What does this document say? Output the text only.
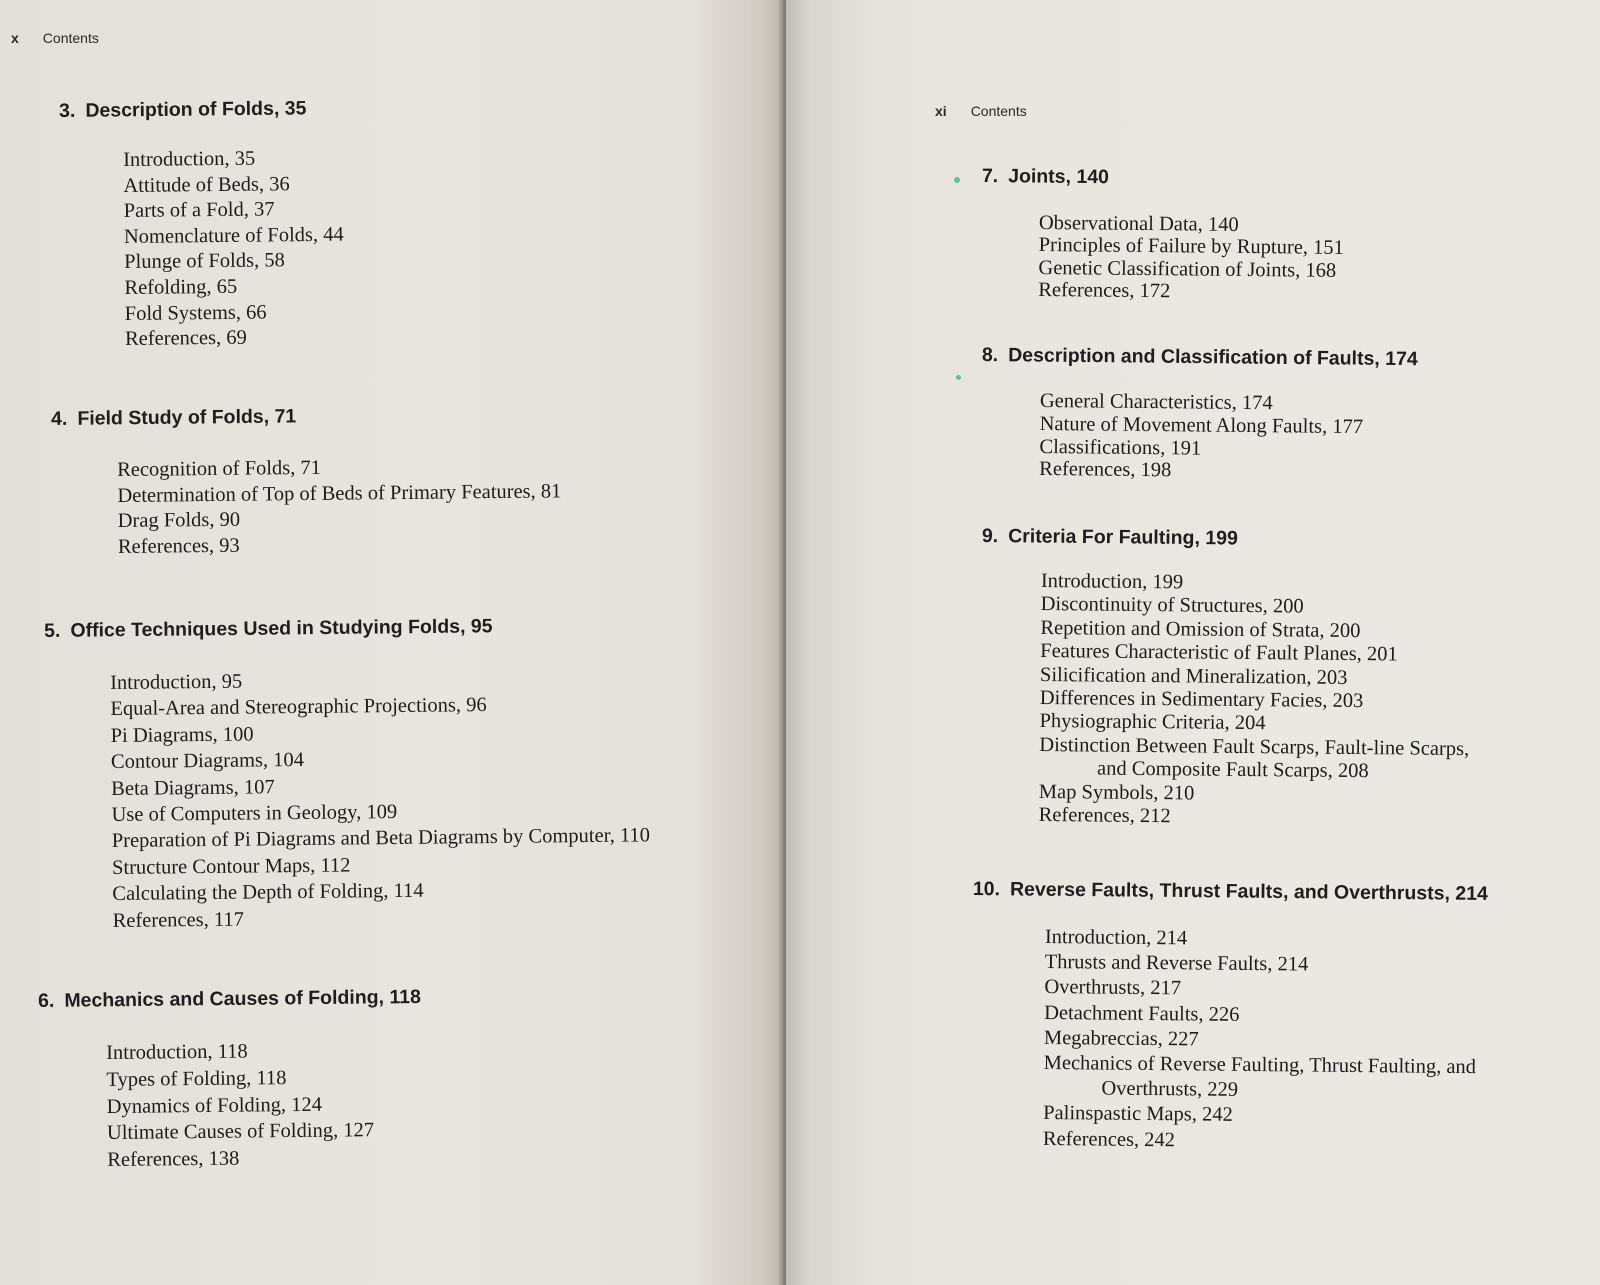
x Contents
3. Description of Folds, 35
Introduction, 35
Attitude of Beds, 36
Parts of a Fold, 37
Nomenclature of Folds, 44
Plunge of Folds, 58
Refolding, 65
Fold Systems, 66
References, 69
4. Field Study of Folds, 71
Recognition of Folds, 71
Determination of Top of Beds of Primary Features, 81
Drag Folds, 90
References, 93
5. Office Techniques Used in Studying Folds, 95
Introduction, 95
Equal-Area and Stereographic Projections, 96
Pi Diagrams, 100
Contour Diagrams, 104
Beta Diagrams, 107
Use of Computers in Geology, 109
Preparation of Pi Diagrams and Beta Diagrams by Computer, 110
Structure Contour Maps, 112
Calculating the Depth of Folding, 114
References, 117
6. Mechanics and Causes of Folding, 118
Introduction, 118
Types of Folding, 118
Dynamics of Folding, 124
Ultimate Causes of Folding, 127
References, 138
xi Contents
7. Joints, 140
Observational Data, 140
Principles of Failure by Rupture, 151
Genetic Classification of Joints, 168
References, 172
8. Description and Classification of Faults, 174
General Characteristics, 174
Nature of Movement Along Faults, 177
Classifications, 191
References, 198
9. Criteria For Faulting, 199
Introduction, 199
Discontinuity of Structures, 200
Repetition and Omission of Strata, 200
Features Characteristic of Fault Planes, 201
Silicification and Mineralization, 203
Differences in Sedimentary Facies, 203
Physiographic Criteria, 204
Distinction Between Fault Scarps, Fault-line Scarps,
and Composite Fault Scarps, 208
Map Symbols, 210
References, 212
10. Reverse Faults, Thrust Faults, and Overthrusts, 214
Introduction, 214
Thrusts and Reverse Faults, 214
Overthrusts, 217
Detachment Faults, 226
Megabreccias, 227
Mechanics of Reverse Faulting, Thrust Faulting, and
Overthrusts, 229
Palinspastic Maps, 242
References, 242
